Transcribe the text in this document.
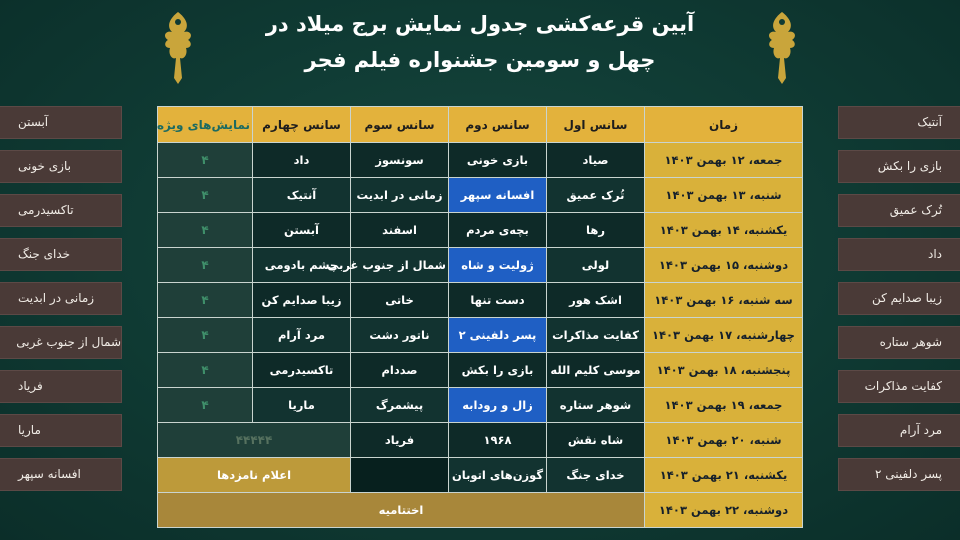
آیین قرعه‌کشی جدول نمایش برج میلاد در
چهل و سومین جشنواره فیلم فجر
آبستن
بازی خونی
تاکسیدرمی
خدای جنگ
زمانی در ابدیت
شمال از جنوب غربی
فریاد
ماریا
افسانه سپهر
آنتیک
بازی را بکش
تُرک عمیق
داد
زیبا صدایم کن
شوهر ستاره
کفایت مذاکرات
مرد آرام
پسر دلفینی ۲
زمان	سانس اول	سانس دوم	سانس سوم	سانس چهارم	نمایش‌های ویژه
جمعه، ۱۲ بهمن ۱۴۰۳	صیاد	بازی خونی	سونسوز	داد	۴
شنبه، ۱۳ بهمن ۱۴۰۳	تُرک عمیق	افسانه سپهر	زمانی در ابدیت	آنتیک	۴
یکشنبه، ۱۴ بهمن ۱۴۰۳	رها	بچه‌ی مردم	اسفند	آبستن	۴
دوشنبه، ۱۵ بهمن ۱۴۰۳	لولی	ژولیت و شاه	شمال از جنوب غربی	چشم بادومی	۴
سه شنبه، ۱۶ بهمن ۱۴۰۳	اشک هور	دست تنها	خاتی	زیبا صدایم کن	۴
چهارشنبه، ۱۷ بهمن ۱۴۰۳	کفایت مذاکرات	پسر دلفینی ۲	ناتور دشت	مرد آرام	۴
پنجشنبه، ۱۸ بهمن ۱۴۰۳	موسی کلیم الله	بازی را بکش	صددام	تاکسیدرمی	۴
جمعه، ۱۹ بهمن ۱۴۰۳	شوهر ستاره	زال و رودابه	پیشمرگ	ماریا	۴
شنبه، ۲۰ بهمن ۱۴۰۳	شاه نقش	۱۹۶۸	فریاد	۴۴۴۴۴	
یکشنبه، ۲۱ بهمن ۱۴۰۳	خدای جنگ	گوزن‌های اتوبان		اعلام نامزدها	
دوشنبه، ۲۲ بهمن ۱۴۰۳	اختتامیه				
